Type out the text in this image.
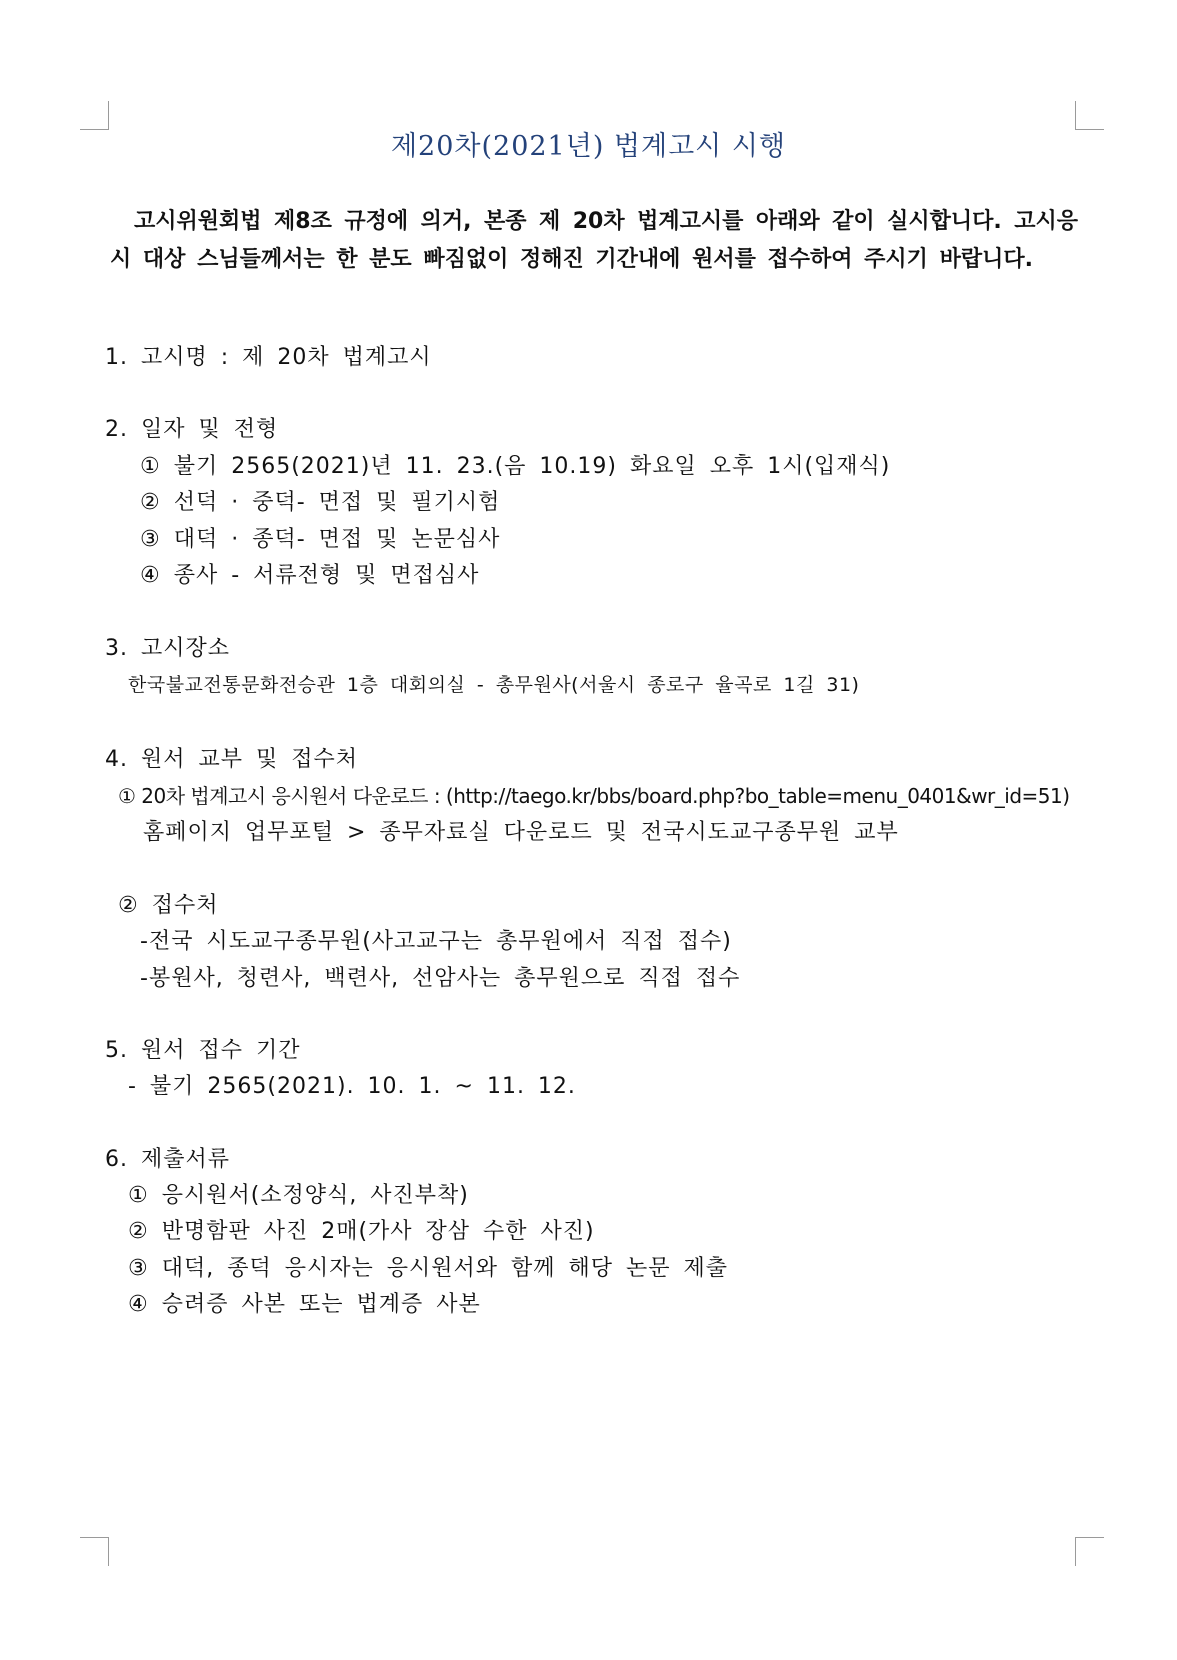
제20차(2021년) 법계고시 시행

고시위원회법 제8조 규정에 의거, 본종 제 20차 법계고시를 아래와 같이 실시합니다. 고시응시 대상 스님들께서는 한 분도 빠짐없이 정해진 기간내에 원서를 접수하여 주시기 바랍니다.

1. 고시명 : 제 20차 법계고시

2. 일자 및 전형

① 불기 2565(2021)년 11. 23.(음 10.19) 화요일 오후 1시(입재식)

② 선덕 · 중덕- 면접 및 필기시험

③ 대덕 · 종덕- 면접 및 논문심사

④ 종사 - 서류전형 및 면접심사

3. 고시장소

한국불교전통문화전승관 1층 대회의실 - 총무원사(서울시 종로구 율곡로 1길 31)

4. 원서 교부 및 접수처

① 20차 법계고시 응시원서 다운로드 : (http://taego.kr/bbs/board.php?bo_table=menu_0401&wr_id=51)

홈페이지 업무포털 > 종무자료실 다운로드 및 전국시도교구종무원 교부

② 접수처

-전국 시도교구종무원(사고교구는 총무원에서 직접 접수)

-봉원사, 청련사, 백련사, 선암사는 총무원으로 직접 접수

5. 원서 접수 기간

- 불기 2565(2021). 10. 1. ~ 11. 12.

6. 제출서류

① 응시원서(소정양식, 사진부착)

② 반명함판 사진 2매(가사 장삼 수한 사진)

③ 대덕, 종덕 응시자는 응시원서와 함께 해당 논문 제출

④ 승려증 사본 또는 법계증 사본
